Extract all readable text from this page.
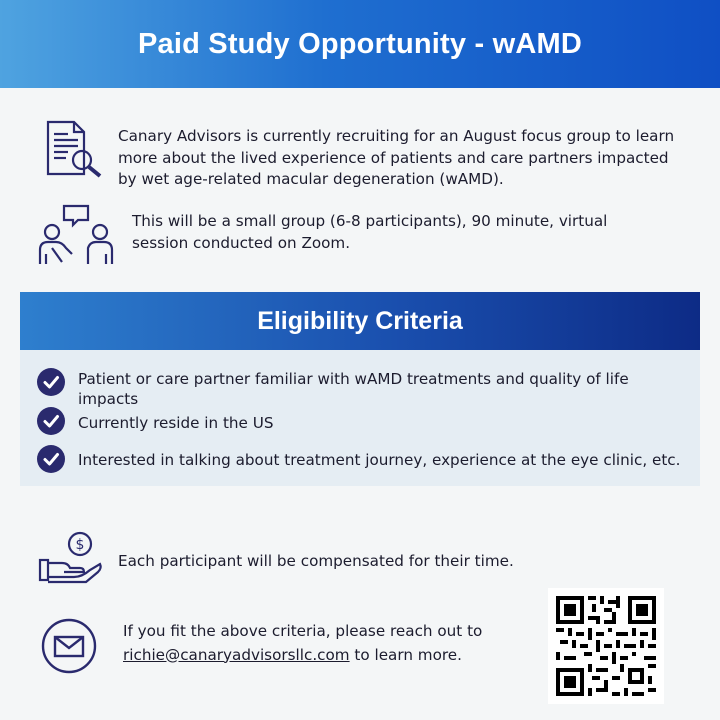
Paid Study Opportunity - wAMD
Canary Advisors is currently recruiting for an August focus group to learn more about the lived experience of patients and care partners impacted by wet age-related macular degeneration (wAMD).
This will be a small group (6-8 participants), 90 minute, virtual session conducted on Zoom.
Eligibility Criteria
Patient or care partner familiar with wAMD treatments and quality of life impacts
Currently reside in the US
Interested in talking about treatment journey, experience at the eye clinic, etc.
$
Each participant will be compensated for their time.
If you fit the above criteria, please reach out to
richie@canaryadvisorsllc.com to learn more.
